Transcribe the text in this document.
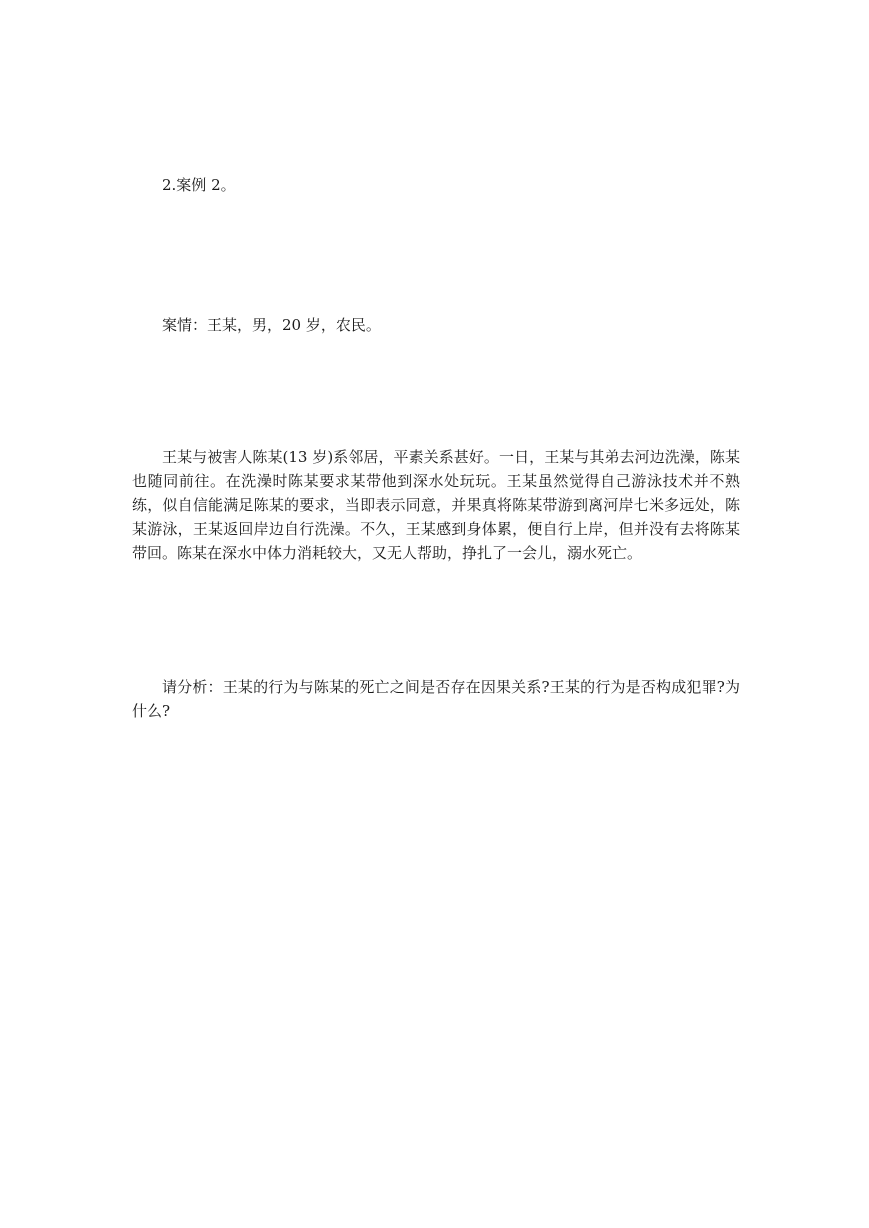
2.案例 2。

案情：王某，男，20 岁，农民。

王某与被害人陈某(13 岁)系邻居，平素关系甚好。一日，王某与其弟去河边洗澡，陈某也随同前往。在洗澡时陈某要求某带他到深水处玩玩。王某虽然觉得自己游泳技术并不熟练，似自信能满足陈某的要求，当即表示同意，并果真将陈某带游到离河岸七米多远处，陈某游泳，王某返回岸边自行洗澡。不久，王某感到身体累，便自行上岸，但并没有去将陈某带回。陈某在深水中体力消耗较大，又无人帮助，挣扎了一会儿，溺水死亡。

请分析：王某的行为与陈某的死亡之间是否存在因果关系?王某的行为是否构成犯罪?为什么?
